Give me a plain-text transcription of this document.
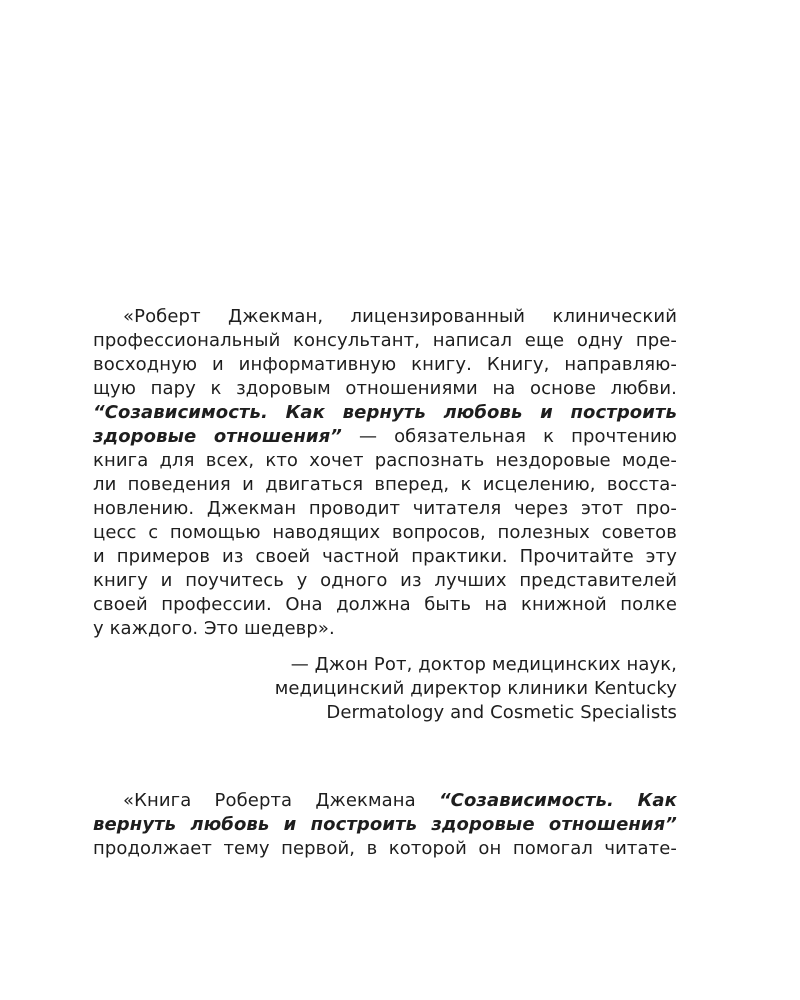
«Роберт Джекман, лицензированный клинический
профессиональный консультант, написал еще одну пре-
восходную и информативную книгу. Книгу, направляю-
щую пару к здоровым отношениями на основе любви.
“Созависимость. Как вернуть любовь и построить
здоровые отношения” — обязательная к прочтению
книга для всех, кто хочет распознать нездоровые моде-
ли поведения и двигаться вперед, к исцелению, восста-
новлению. Джекман проводит читателя через этот про-
цесс с помощью наводящих вопросов, полезных советов
и примеров из своей частной практики. Прочитайте эту
книгу и поучитесь у одного из лучших представителей
своей профессии. Она должна быть на книжной полке
у каждого. Это шедевр».
— Джон Рот, доктор медицинских наук,
медицинский директор клиники Kentucky
Dermatology and Cosmetic Specialists
«Книга Роберта Джекмана “Созависимость. Как
вернуть любовь и построить здоровые отношения”
продолжает тему первой, в которой он помогал читате-
